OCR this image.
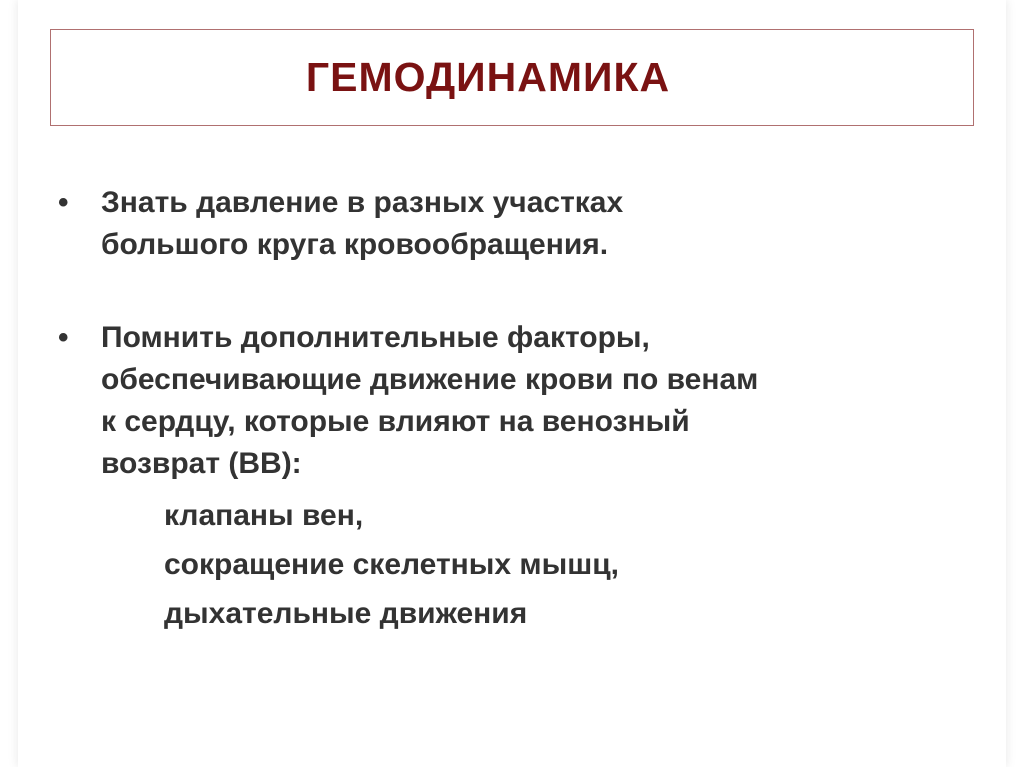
ГЕМОДИНАМИКА
• Знать давление в разных участках
большого круга кровообращения.
• Помнить дополнительные факторы,
обеспечивающие движение крови по венам
к сердцу, которые влияют на венозный
возврат (ВВ):
клапаны вен,
сокращение скелетных мышц,
дыхательные движения
